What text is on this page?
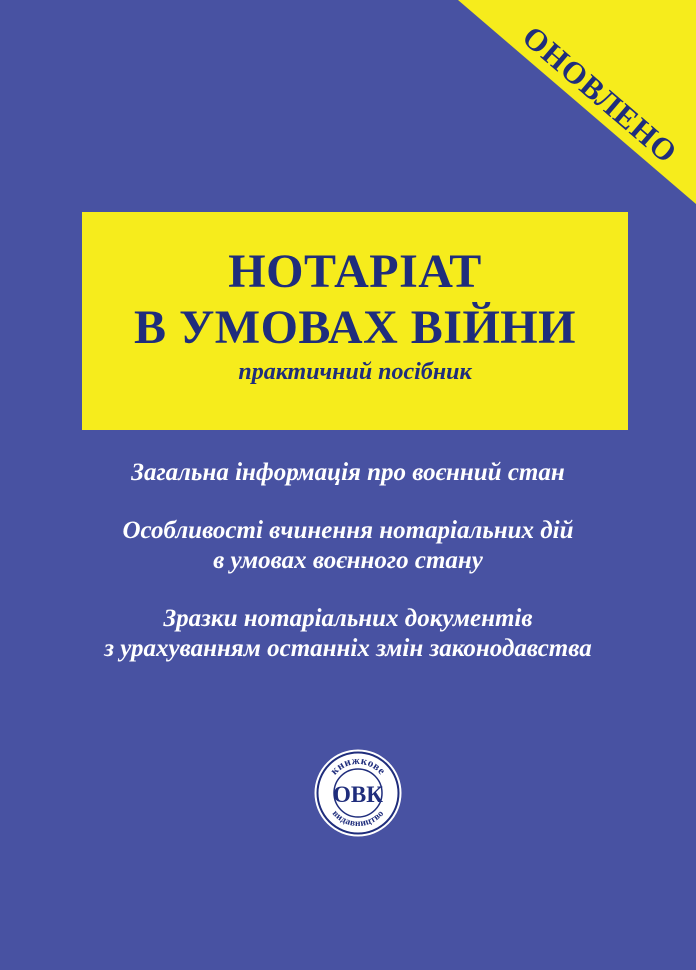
ОНОВЛЕНО
НОТАРІАТ
В УМОВАХ ВІЙНИ
практичний посібник
Загальна інформація про воєнний стан
Особливості вчинення нотаріальних дій
в умовах воєнного стану
Зразки нотаріальних документів
з урахуванням останніх змін законодавства
книжкове
видавництво
ОВК
